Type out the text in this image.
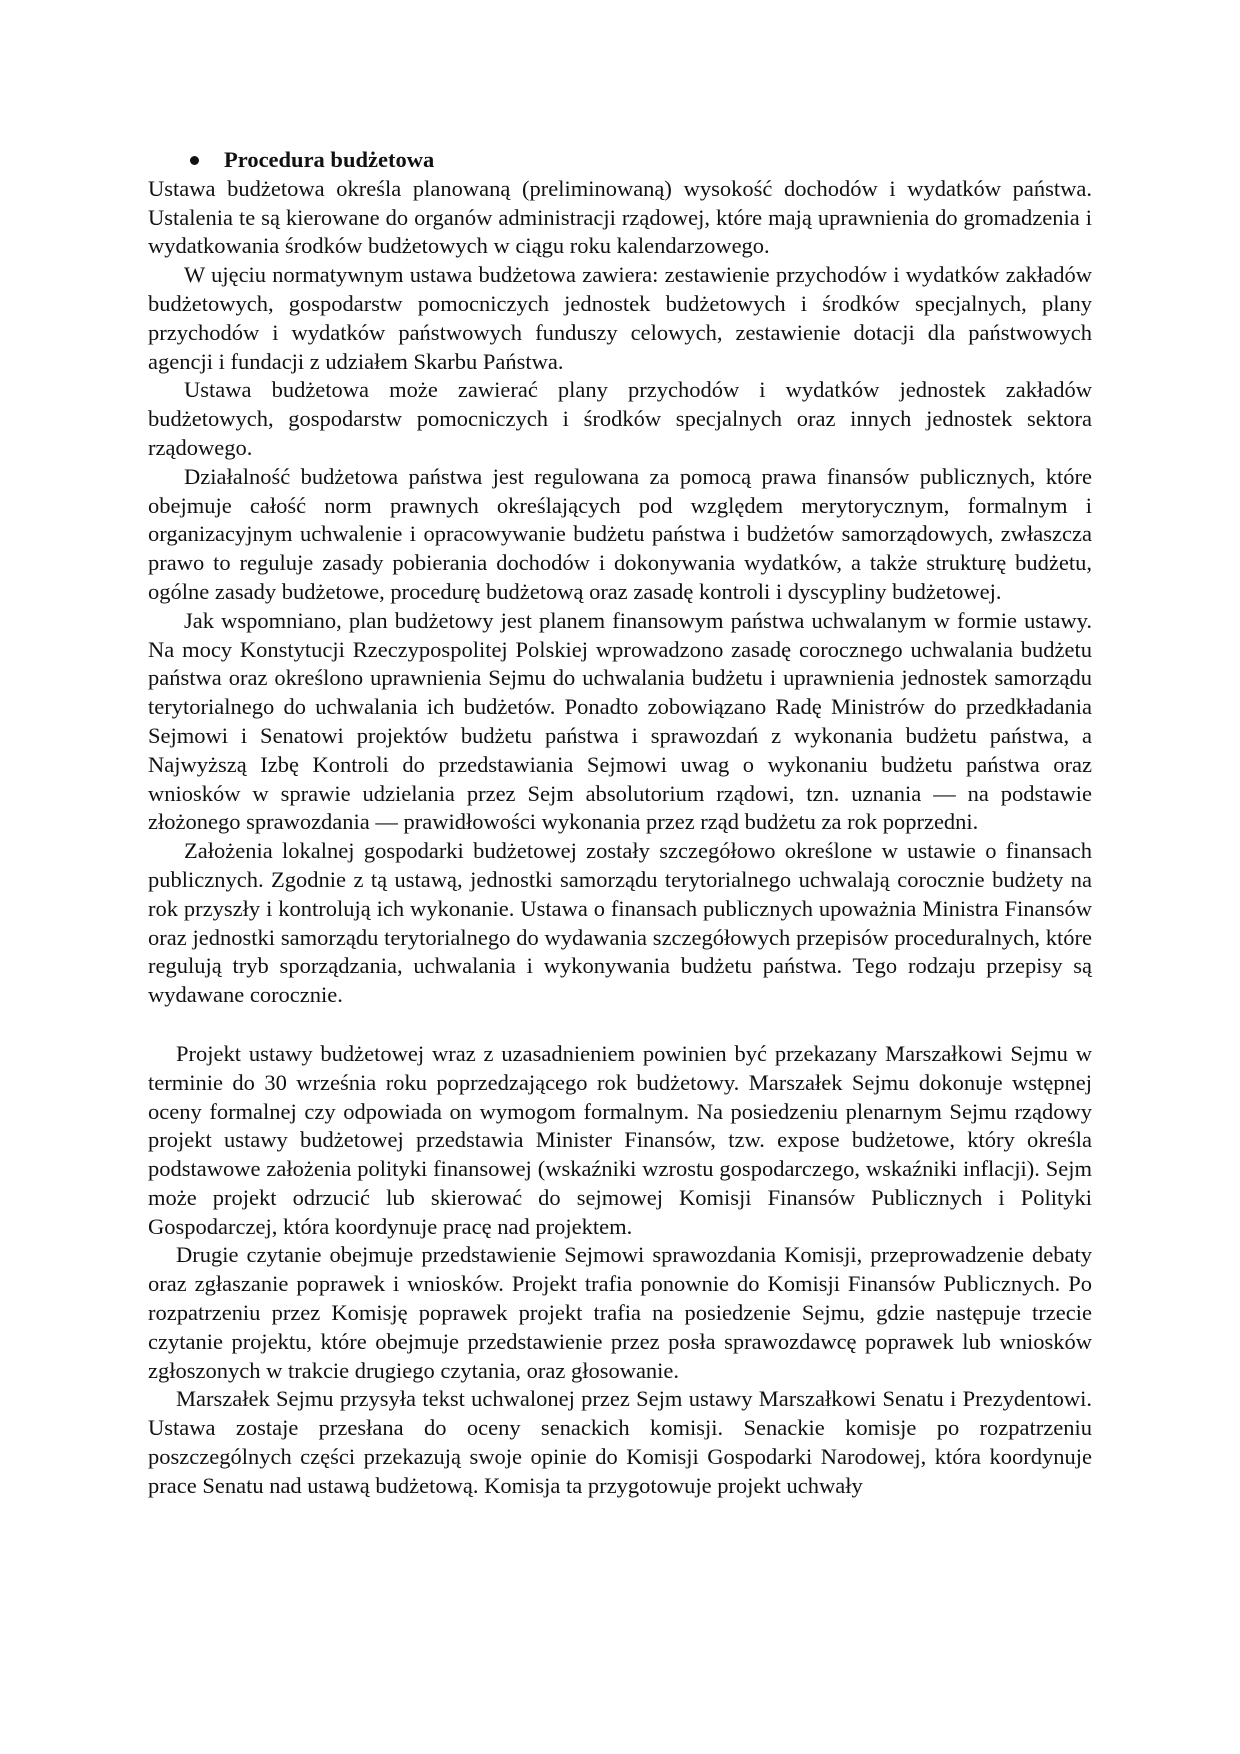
Procedura budżetowa

Ustawa budżetowa określa planowaną (preliminowaną) wysokość dochodów i wydatków państwa. Ustalenia te są kierowane do organów administracji rządowej, które mają uprawnienia do gromadzenia i wydatkowania środków budżetowych w ciągu roku kalendarzowego.

W ujęciu normatywnym ustawa budżetowa zawiera: zestawienie przychodów i wydatków zakładów budżetowych, gospodarstw pomocniczych jednostek budżetowych i środków specjalnych, plany przychodów i wydatków państwowych funduszy celowych, zestawienie dotacji dla państwowych agencji i fundacji z udziałem Skarbu Państwa.

Ustawa budżetowa może zawierać plany przychodów i wydatków jednostek zakładów budżetowych, gospodarstw pomocniczych i środków specjalnych oraz innych jednostek sektora rządowego.

Działalność budżetowa państwa jest regulowana za pomocą prawa finansów publicznych, które obejmuje całość norm prawnych określających pod względem merytorycznym, formalnym i organizacyjnym uchwalenie i opracowywanie budżetu państwa i budżetów samorządowych, zwłaszcza prawo to reguluje zasady pobierania dochodów i dokonywania wydatków, a także strukturę budżetu, ogólne zasady budżetowe, procedurę budżetową oraz zasadę kontroli i dyscypliny budżetowej.

Jak wspomniano, plan budżetowy jest planem finansowym państwa uchwalanym w formie ustawy. Na mocy Konstytucji Rzeczypospolitej Polskiej wprowadzono zasadę corocznego uchwalania budżetu państwa oraz określono uprawnienia Sejmu do uchwalania budżetu i uprawnienia jednostek samorządu terytorialnego do uchwalania ich budżetów. Ponadto zobowiązano Radę Ministrów do przedkładania Sejmowi i Senatowi projektów budżetu państwa i sprawozdań z wykonania budżetu państwa, a Najwyższą Izbę Kontroli do przedstawiania Sejmowi uwag o wykonaniu budżetu państwa oraz wniosków w sprawie udzielania przez Sejm absolutorium rządowi, tzn. uznania — na podstawie złożonego sprawozdania — prawidłowości wykonania przez rząd budżetu za rok poprzedni.

Założenia lokalnej gospodarki budżetowej zostały szczegółowo określone w ustawie o finansach publicznych. Zgodnie z tą ustawą, jednostki samorządu terytorialnego uchwalają corocznie budżety na rok przyszły i kontrolują ich wykonanie. Ustawa o finansach publicznych upoważnia Ministra Finansów oraz jednostki samorządu terytorialnego do wydawania szczegółowych przepisów proceduralnych, które regulują tryb sporządzania, uchwalania i wykonywania budżetu państwa. Tego rodzaju przepisy są wydawane corocznie.

Projekt ustawy budżetowej wraz z uzasadnieniem powinien być przekazany Marszałkowi Sejmu w terminie do 30 września roku poprzedzającego rok budżetowy. Marszałek Sejmu dokonuje wstępnej oceny formalnej czy odpowiada on wymogom formalnym. Na posiedzeniu plenarnym Sejmu rządowy projekt ustawy budżetowej przedstawia Minister Finansów, tzw. expose budżetowe, który określa podstawowe założenia polityki finansowej (wskaźniki wzrostu gospodarczego, wskaźniki inflacji). Sejm może projekt odrzucić lub skierować do sejmowej Komisji Finansów Publicznych i Polityki Gospodarczej, która koordynuje pracę nad projektem.

Drugie czytanie obejmuje przedstawienie Sejmowi sprawozdania Komisji, przeprowadzenie debaty oraz zgłaszanie poprawek i wniosków. Projekt trafia ponownie do Komisji Finansów Publicznych. Po rozpatrzeniu przez Komisję poprawek projekt trafia na posiedzenie Sejmu, gdzie następuje trzecie czytanie projektu, które obejmuje przedstawienie przez posła sprawozdawcę poprawek lub wniosków zgłoszonych w trakcie drugiego czytania, oraz głosowanie.

Marszałek Sejmu przysyła tekst uchwalonej przez Sejm ustawy Marszałkowi Senatu i Prezydentowi. Ustawa zostaje przesłana do oceny senackich komisji. Senackie komisje po rozpatrzeniu poszczególnych części przekazują swoje opinie do Komisji Gospodarki Narodowej, która koordynuje prace Senatu nad ustawą budżetową. Komisja ta przygotowuje projekt uchwały
